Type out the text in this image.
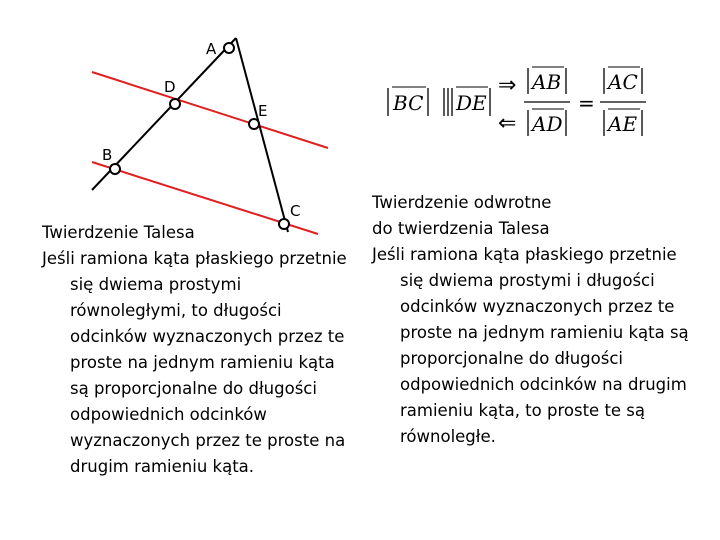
A
D
E
B
C
BC DE
⇒
⇐
AB
AD
=
AC
AE
Twierdzenie Talesa
Jeśli ramiona kąta płaskiego przetnie się dwiema prostymi równoległymi, to długości odcinków wyznaczonych przez te proste na jednym ramieniu kąta są proporcjonalne do długości odpowiednich odcinków wyznaczonych przez te proste na drugim ramieniu kąta.
Twierdzenie odwrotne
do twierdzenia Talesa
Jeśli ramiona kąta płaskiego przetnie się dwiema prostymi i długości odcinków wyznaczonych przez te proste na jednym ramieniu kąta są proporcjonalne do długości odpowiednich odcinków na drugim ramieniu kąta, to proste te są równoległe.
